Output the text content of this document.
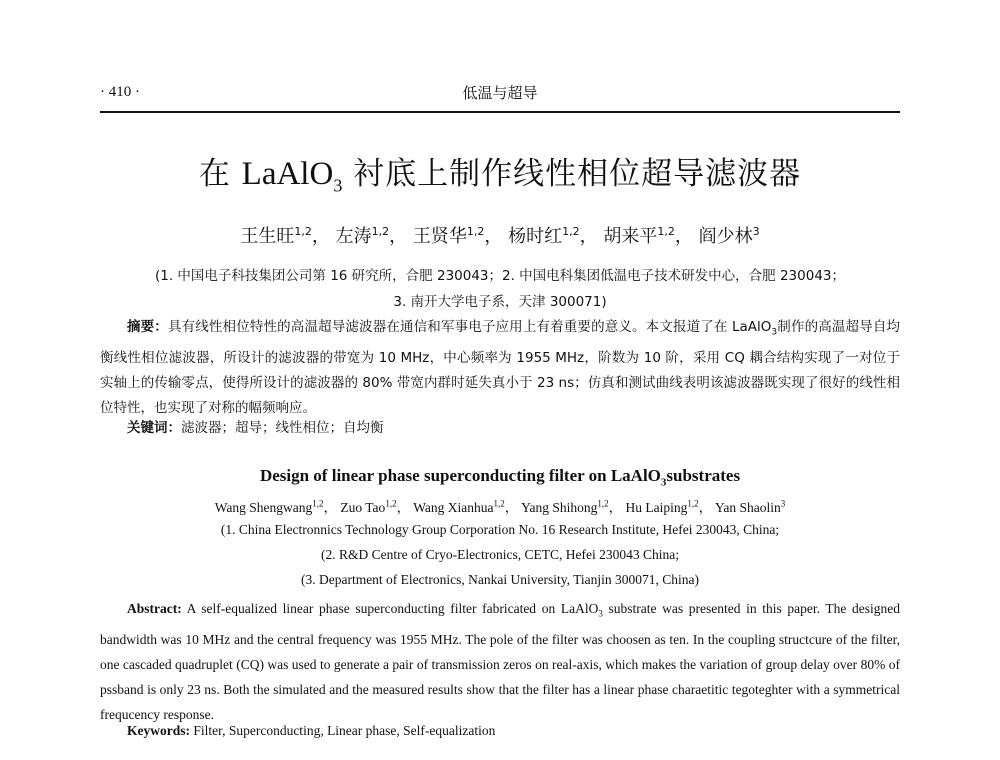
· 410 ·	低温与超导
在 LaAlO$_3$ 衬底上制作线性相位超导滤波器
王生旺$^{1,2}$， 左涛$^{1,2}$， 王贤华$^{1,2}$， 杨时红$^{1,2}$， 胡来平$^{1,2}$， 阎少林$^3$
(1. 中国电子科技集团公司第 16 研究所，合肥 230043；2. 中国电科集团低温电子技术研发中心，合肥 230043；
3. 南开大学电子系，天津 300071)
摘要：具有线性相位特性的高温超导滤波器在通信和军事电子应用上有着重要的意义。本文报道了在 LaAlO$_3$制作的高温超导自均衡线性相位滤波器，所设计的滤波器的带宽为 10 MHz，中心频率为 1955 MHz，阶数为 10 阶，采用 CQ 耦合结构实现了一对位于实轴上的传输零点，使得所设计的滤波器的 80% 带宽内群时延失真小于 23 ns；仿真和测试曲线表明该滤波器既实现了很好的线性相位特性，也实现了对称的幅频响应。
关键词：滤波器；超导；线性相位；自均衡
Design of linear phase superconducting filter on LaAlO$_3$substrates
Wang Shengwang$^{1,2}$， Zuo Tao$^{1,2}$， Wang Xianhua$^{1,2}$， Yang Shihong$^{1,2}$， Hu Laiping$^{1,2}$， Yan Shaolin$^3$
(1. China Electronnics Technology Group Corporation No. 16 Research Institute, Hefei 230043, China;
(2. R&D Centre of Cryo-Electronics, CETC, Hefei 230043 China;
(3. Department of Electronics, Nankai University, Tianjin 300071, China)
Abstract: A self-equalized linear phase superconducting filter fabricated on LaAlO$_3$ substrate was presented in this paper. The designed bandwidth was 10 MHz and the central frequency was 1955 MHz. The pole of the filter was choosen as ten. In the coupling structcure of the filter, one cascaded quadruplet (CQ) was used to generate a pair of transmission zeros on real-axis, which makes the variation of group delay over 80% of pssband is only 23 ns. Both the simulated and the measured results show that the filter has a linear phase charaetitic tegoteghter with a symmetrical frequcency response.
Keywords: Filter, Superconducting, Linear phase, Self-equalization
